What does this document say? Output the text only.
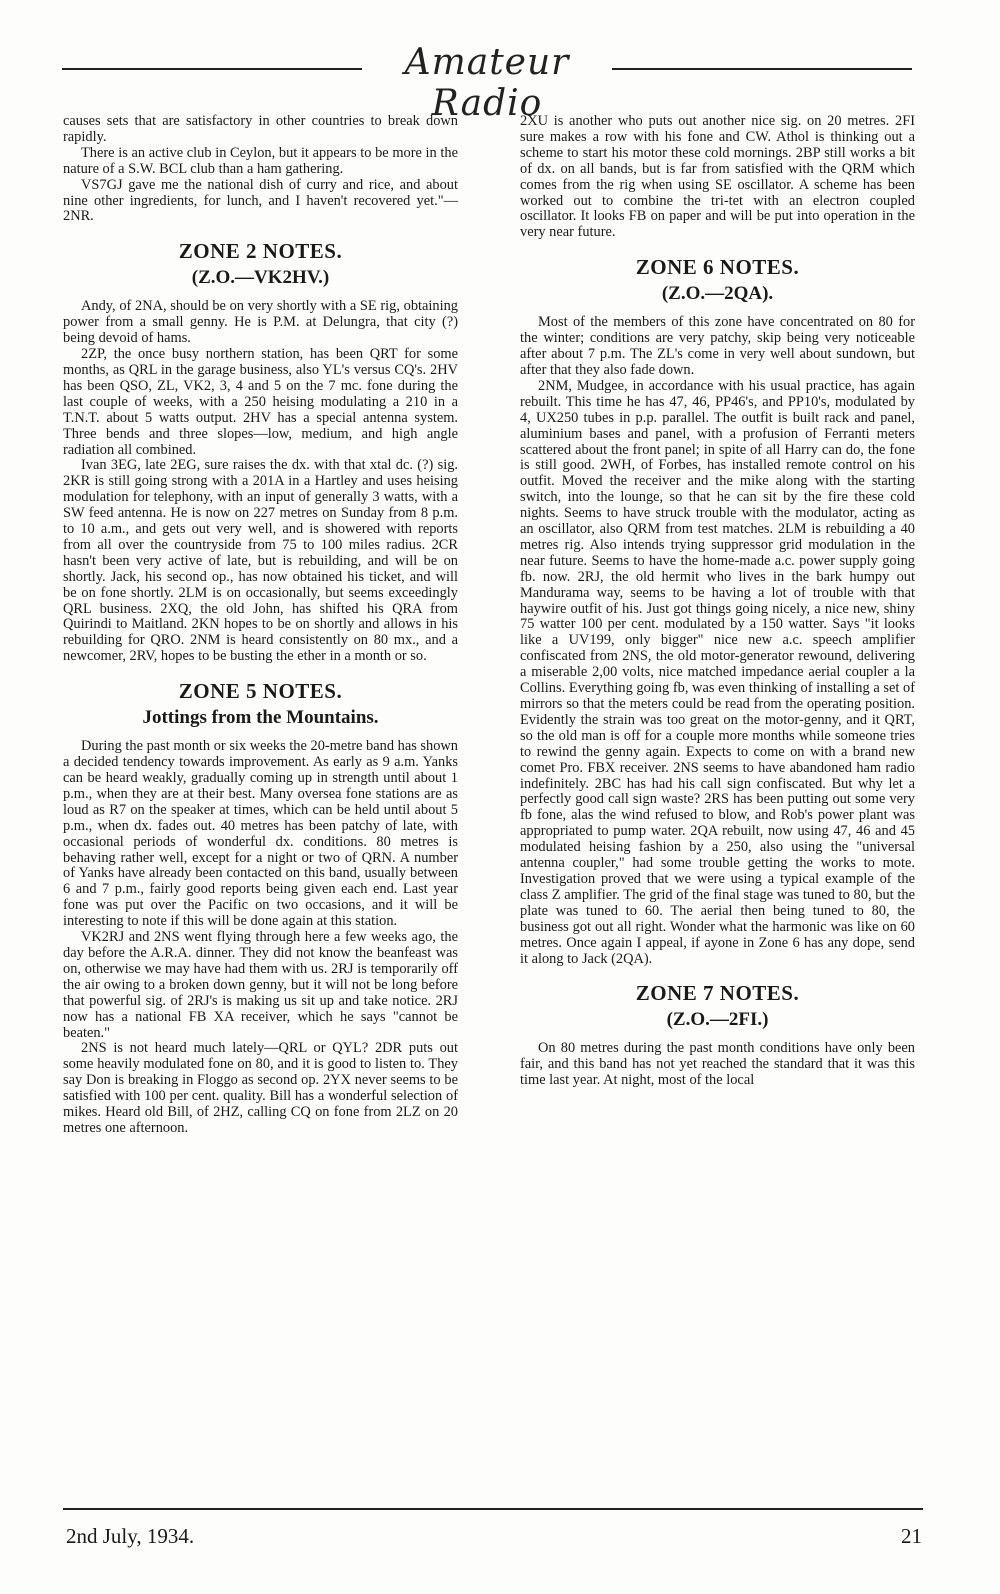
Amateur Radio

causes sets that are satisfactory in other countries to break down rapidly.

There is an active club in Ceylon, but it appears to be more in the nature of a S.W. BCL club than a ham gathering.

VS7GJ gave me the national dish of curry and rice, and about nine other ingredients, for lunch, and I haven't recovered yet."—2NR.

ZONE 2 NOTES.
(Z.O.—VK2HV.)

Andy, of 2NA, should be on very shortly with a SE rig, obtaining power from a small genny. He is P.M. at Delungra, that city (?) being devoid of hams.

2ZP, the once busy northern station, has been QRT for some months, as QRL in the garage business, also YL's versus CQ's. 2HV has been QSO, ZL, VK2, 3, 4 and 5 on the 7 mc. fone during the last couple of weeks, with a 250 heising modulating a 210 in a T.N.T. about 5 watts output. 2HV has a special antenna system. Three bends and three slopes—low, medium, and high angle radiation all combined.

Ivan 3EG, late 2EG, sure raises the dx. with that xtal dc. (?) sig. 2KR is still going strong with a 201A in a Hartley and uses heising modulation for telephony, with an input of generally 3 watts, with a SW feed antenna. He is now on 227 metres on Sunday from 8 p.m. to 10 a.m., and gets out very well, and is showered with reports from all over the countryside from 75 to 100 miles radius. 2CR hasn't been very active of late, but is rebuilding, and will be on shortly. Jack, his second op., has now obtained his ticket, and will be on fone shortly. 2LM is on occasionally, but seems exceedingly QRL business. 2XQ, the old John, has shifted his QRA from Quirindi to Maitland. 2KN hopes to be on shortly and allows in his rebuilding for QRO. 2NM is heard consistently on 80 mx., and a newcomer, 2RV, hopes to be busting the ether in a month or so.

ZONE 5 NOTES.
Jottings from the Mountains.

During the past month or six weeks the 20-metre band has shown a decided tendency towards improvement. As early as 9 a.m. Yanks can be heard weakly, gradually coming up in strength until about 1 p.m., when they are at their best. Many oversea fone stations are as loud as R7 on the speaker at times, which can be held until about 5 p.m., when dx. fades out. 40 metres has been patchy of late, with occasional periods of wonderful dx. conditions. 80 metres is behaving rather well, except for a night or two of QRN. A number of Yanks have already been contacted on this band, usually between 6 and 7 p.m., fairly good reports being given each end. Last year fone was put over the Pacific on two occasions, and it will be interesting to note if this will be done again at this station.

VK2RJ and 2NS went flying through here a few weeks ago, the day before the A.R.A. dinner. They did not know the beanfeast was on, otherwise we may have had them with us. 2RJ is temporarily off the air owing to a broken down genny, but it will not be long before that powerful sig. of 2RJ's is making us sit up and take notice. 2RJ now has a national FB XA receiver, which he says "cannot be beaten."

2NS is not heard much lately—QRL or QYL? 2DR puts out some heavily modulated fone on 80, and it is good to listen to. They say Don is breaking in Floggo as second op. 2YX never seems to be satisfied with 100 per cent. quality. Bill has a wonderful selection of mikes. Heard old Bill, of 2HZ, calling CQ on fone from 2LZ on 20 metres one afternoon.

2XU is another who puts out another nice sig. on 20 metres. 2FI sure makes a row with his fone and CW. Athol is thinking out a scheme to start his motor these cold mornings. 2BP still works a bit of dx. on all bands, but is far from satisfied with the QRM which comes from the rig when using SE oscillator. A scheme has been worked out to combine the tri-tet with an electron coupled oscillator. It looks FB on paper and will be put into operation in the very near future.

ZONE 6 NOTES.
(Z.O.—2QA).

Most of the members of this zone have concentrated on 80 for the winter; conditions are very patchy, skip being very noticeable after about 7 p.m. The ZL's come in very well about sundown, but after that they also fade down.

2NM, Mudgee, in accordance with his usual practice, has again rebuilt. This time he has 47, 46, PP46's, and PP10's, modulated by 4, UX250 tubes in p.p. parallel. The outfit is built rack and panel, aluminium bases and panel, with a profusion of Ferranti meters scattered about the front panel; in spite of all Harry can do, the fone is still good. 2WH, of Forbes, has installed remote control on his outfit. Moved the receiver and the mike along with the starting switch, into the lounge, so that he can sit by the fire these cold nights. Seems to have struck trouble with the modulator, acting as an oscillator, also QRM from test matches. 2LM is rebuilding a 40 metres rig. Also intends trying suppressor grid modulation in the near future. Seems to have the home-made a.c. power supply going fb. now. 2RJ, the old hermit who lives in the bark humpy out Mandurama way, seems to be having a lot of trouble with that haywire outfit of his. Just got things going nicely, a nice new, shiny 75 watter 100 per cent. modulated by a 150 watter. Says "it looks like a UV199, only bigger" nice new a.c. speech amplifier confiscated from 2NS, the old motor-generator rewound, delivering a miserable 2,00 volts, nice matched impedance aerial coupler a la Collins. Everything going fb, was even thinking of installing a set of mirrors so that the meters could be read from the operating position. Evidently the strain was too great on the motor-genny, and it QRT, so the old man is off for a couple more months while someone tries to rewind the genny again. Expects to come on with a brand new comet Pro. FBX receiver. 2NS seems to have abandoned ham radio indefinitely. 2BC has had his call sign confiscated. But why let a perfectly good call sign waste? 2RS has been putting out some very fb fone, alas the wind refused to blow, and Rob's power plant was appropriated to pump water. 2QA rebuilt, now using 47, 46 and 45 modulated heising fashion by a 250, also using the "universal antenna coupler," had some trouble getting the works to mote. Investigation proved that we were using a typical example of the class Z amplifier. The grid of the final stage was tuned to 80, but the plate was tuned to 60. The aerial then being tuned to 80, the business got out all right. Wonder what the harmonic was like on 60 metres. Once again I appeal, if ayone in Zone 6 has any dope, send it along to Jack (2QA).

ZONE 7 NOTES.
(Z.O.—2FI.)

On 80 metres during the past month conditions have only been fair, and this band has not yet reached the standard that it was this time last year. At night, most of the local

2nd July, 1934.	21
